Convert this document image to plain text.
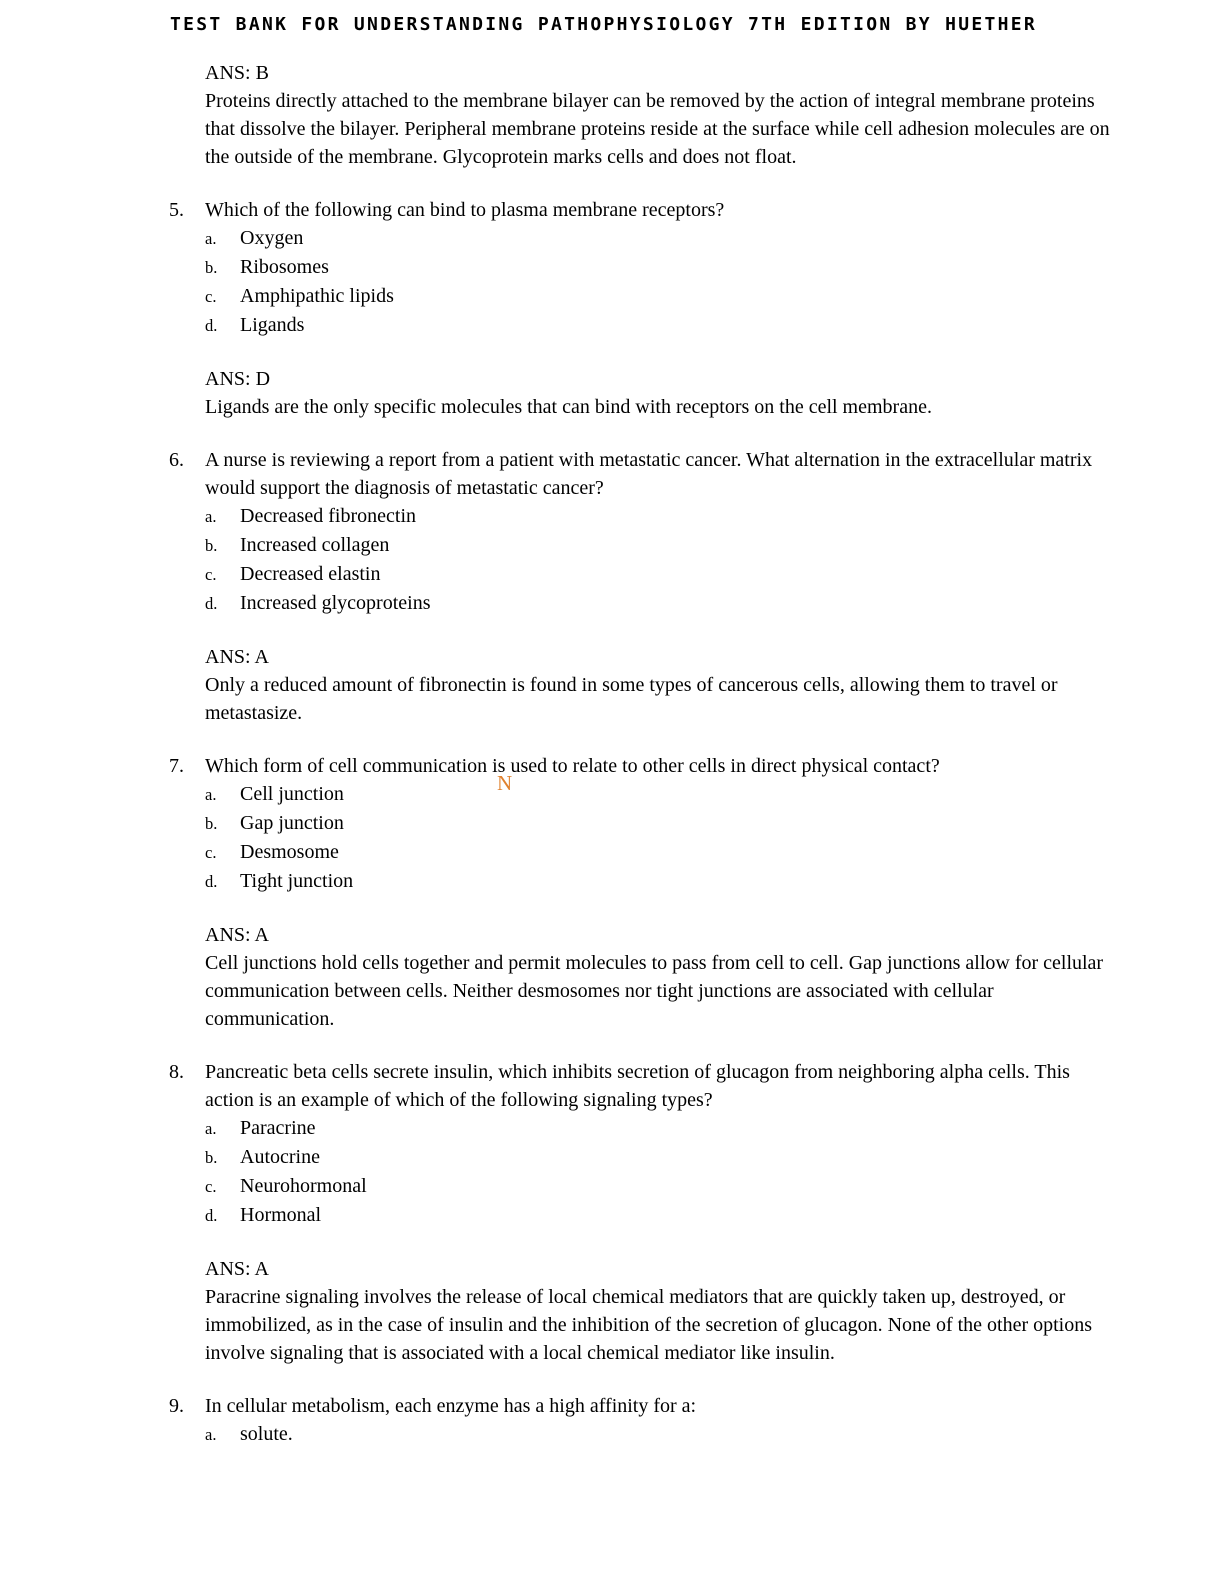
TEST BANK FOR UNDERSTANDING PATHOPHYSIOLOGY 7TH EDITION BY HUETHER
ANS: B
Proteins directly attached to the membrane bilayer can be removed by the action of integral membrane proteins that dissolve the bilayer. Peripheral membrane proteins reside at the surface while cell adhesion molecules are on the outside of the membrane. Glycoprotein marks cells and does not float.
5. Which of the following can bind to plasma membrane receptors?
a.	Oxygen
b.	Ribosomes
c.	Amphipathic lipids
d.	Ligands
ANS: D
Ligands are the only specific molecules that can bind with receptors on the cell membrane.
6. A nurse is reviewing a report from a patient with metastatic cancer. What alternation in the extracellular matrix would support the diagnosis of metastatic cancer?
a.	Decreased fibronectin
b.	Increased collagen
c.	Decreased elastin
d.	Increased glycoproteins
ANS: A
Only a reduced amount of fibronectin is found in some types of cancerous cells, allowing them to travel or metastasize.
7. Which form of cell communication is used to relate to other cells in direct physical contact?
a.	Cell junction
b.	Gap junction
c.	Desmosome
d.	Tight junction
ANS: A
Cell junctions hold cells together and permit molecules to pass from cell to cell. Gap junctions allow for cellular communication between cells. Neither desmosomes nor tight junctions are associated with cellular communication.
8. Pancreatic beta cells secrete insulin, which inhibits secretion of glucagon from neighboring alpha cells. This action is an example of which of the following signaling types?
a.	Paracrine
b.	Autocrine
c.	Neurohormonal
d.	Hormonal
ANS: A
Paracrine signaling involves the release of local chemical mediators that are quickly taken up, destroyed, or immobilized, as in the case of insulin and the inhibition of the secretion of glucagon. None of the other options involve signaling that is associated with a local chemical mediator like insulin.
9. In cellular metabolism, each enzyme has a high affinity for a:
a.	solute.
N
